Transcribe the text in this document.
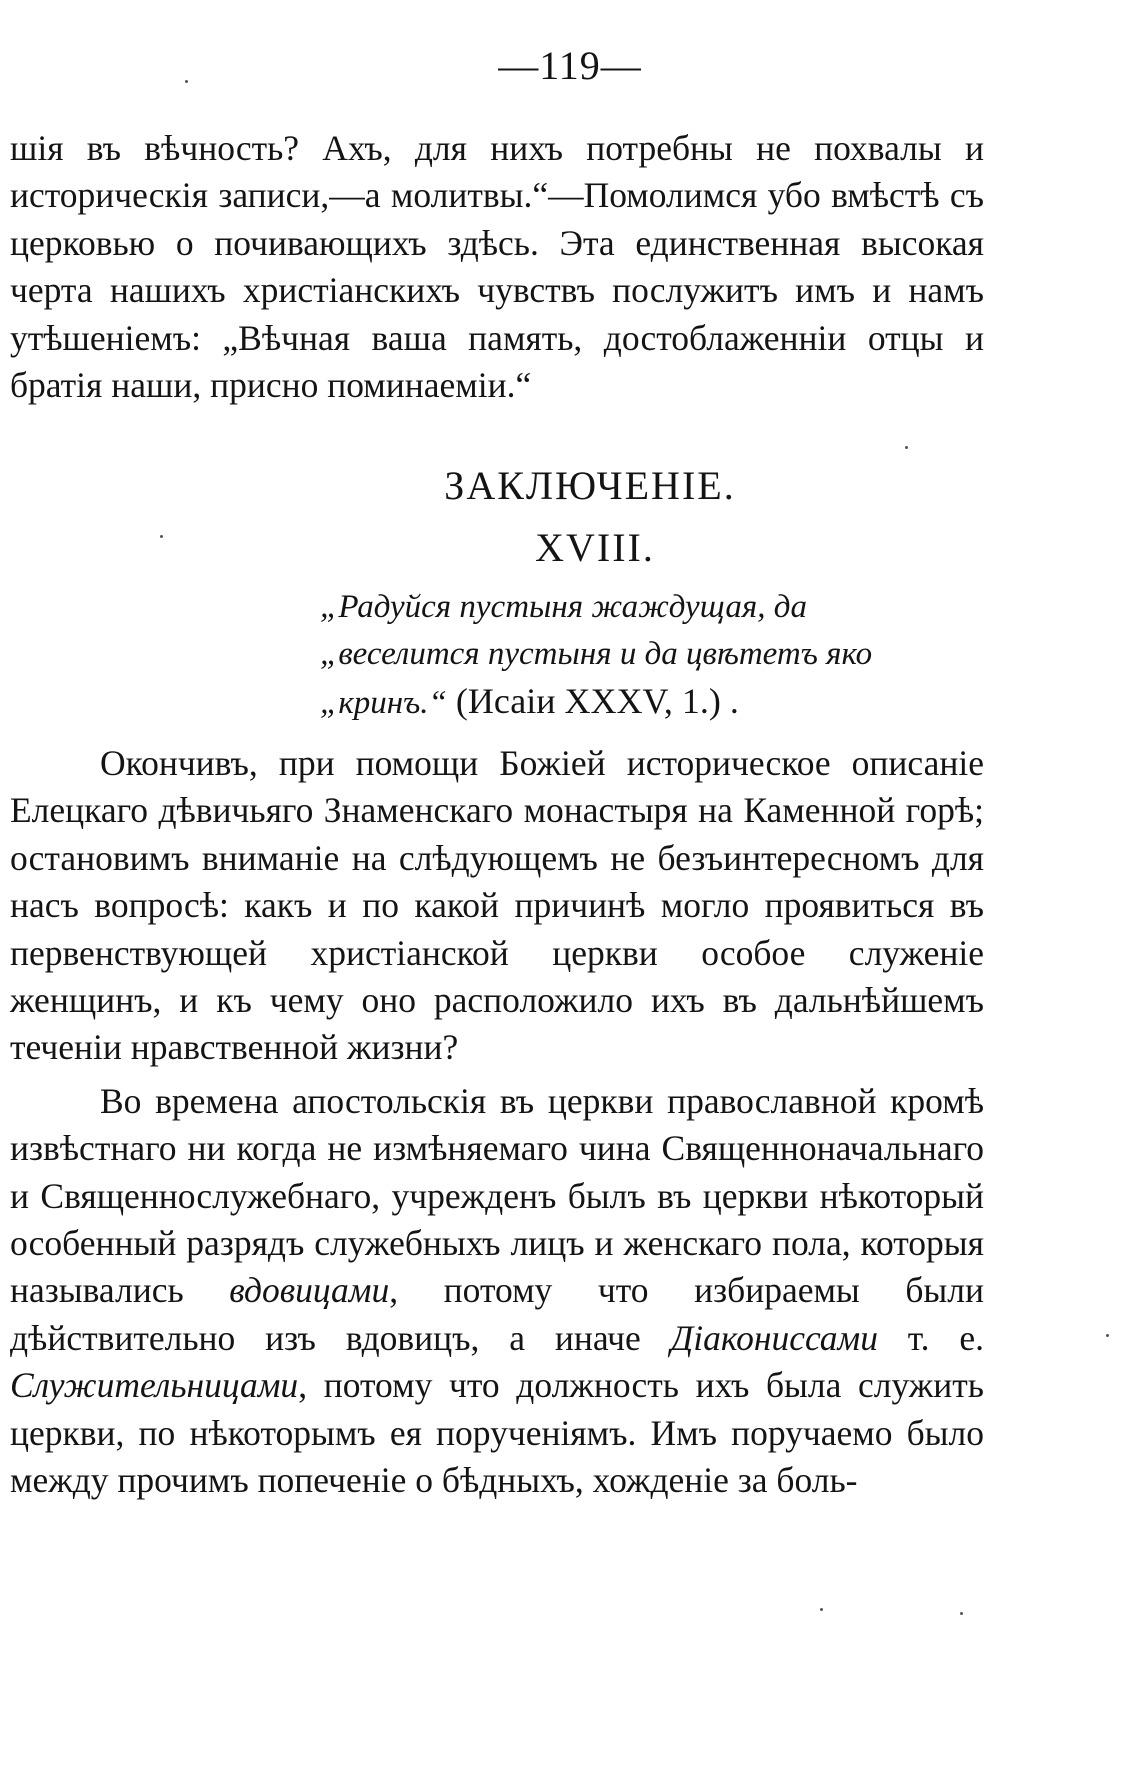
—119—

шія въ вѣчность? Ахъ, для нихъ потребны не похвалы и историческія записи,—а молитвы.“—Помолимся убо вмѣстѣ съ церковью о почивающихъ здѣсь. Эта единственная высокая черта нашихъ христіанскихъ чувствъ послужитъ имъ и намъ утѣшеніемъ: „Вѣчная ваша память, достоблаженніи отцы и братія наши, присно поминаеміи.“

ЗАКЛЮЧЕНІЕ.
XVIII.
„Радуйся пустыня жаждущая, да
„веселится пустыня и да цвѣтетъ яко
„кринъ.“ (Исаіи XXXV, 1.) .

Окончивъ, при помощи Божіей историческое описаніе Елецкаго дѣвичьяго Знаменскаго монастыря на Каменной горѣ; остановимъ вниманіе на слѣдующемъ не безъинтересномъ для насъ вопросѣ: какъ и по какой причинѣ могло проявиться въ первенствующей христіанской церкви особое служеніе женщинъ, и къ чему оно расположило ихъ въ дальнѣйшемъ теченіи нравственной жизни?

Во времена апостольскія въ церкви православной кромѣ извѣстнаго ни когда не измѣняемаго чина Священноначальнаго и Священнослужебнаго, учрежденъ былъ въ церкви нѣкоторый особенный разрядъ служебныхъ лицъ и женскаго пола, которыя назывались вдовицами, потому что избираемы были дѣйствительно изъ вдовицъ, а иначе Діакониссами т. е. Служительницами, потому что должность ихъ была служить церкви, по нѣкоторымъ ея порученіямъ. Имъ поручаемо было между прочимъ попеченіе о бѣдныхъ, хожденіе за боль-
